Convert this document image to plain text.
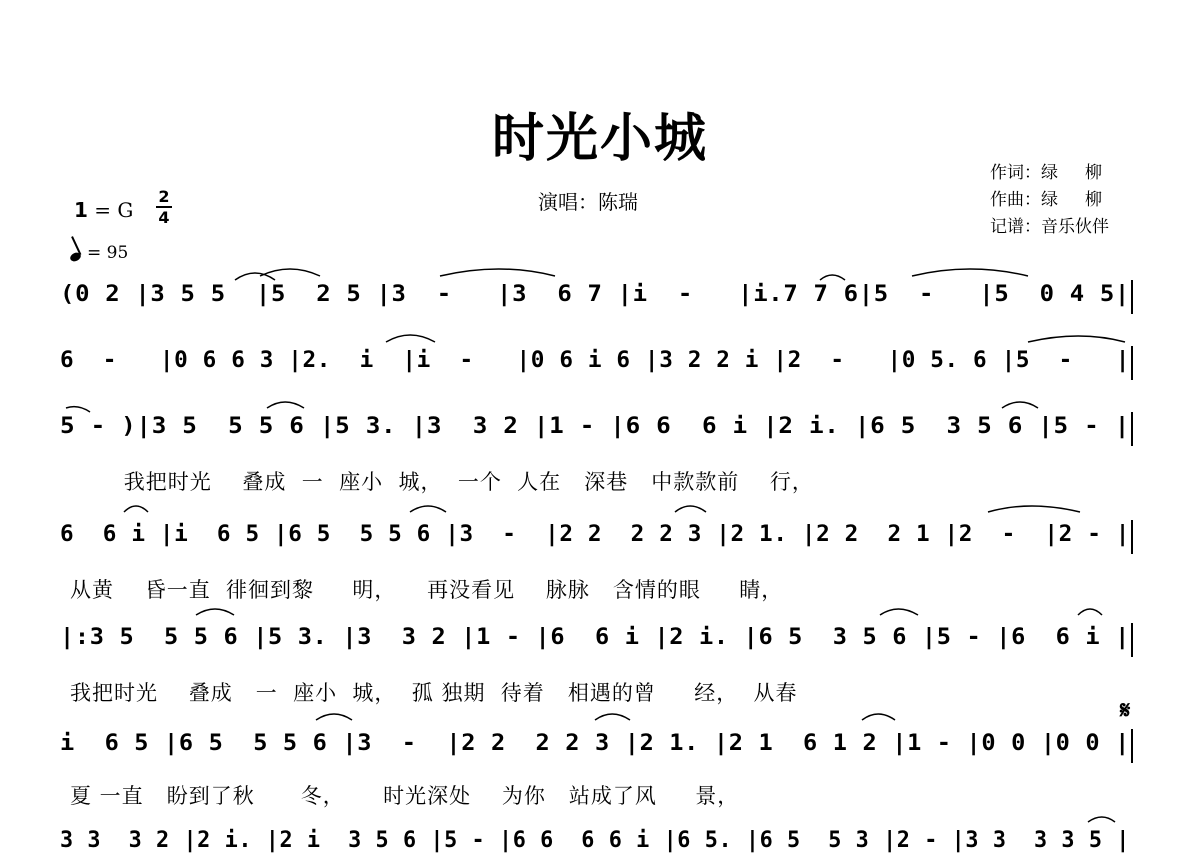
时光小城
演唱：陈瑞
作词：绿     柳
作曲：绿     柳
记谱：音乐伙伴
1 = G
2
4
= 95
(0 2 |3 5 5  |5  2 5 |3  -   |3  6 7 |i  -   |i.7 7 6|5  -   |5  0 4 5|
6  -   |0 6 6 3 |2.  i  |i  -   |0 6 i 6 |3 2 2 i |2  -   |0 5. 6 |5  -   |
5 - )|3 5  5 5 6 |5 3. |3  3 2 |1 - |6 6  6 i |2 i. |6 5  3 5 6 |5 - |
我把时光    叠成  一  座小  城，  一个  人在   深巷   中款款前    行，
6  6 i |i  6 5 |6 5  5 5 6 |3  -  |2 2  2 2 3 |2 1. |2 2  2 1 |2  -  |2 - |
从黄    昏一直  徘徊到黎     明，    再没看见    脉脉   含情的眼     睛，
|:3 5  5 5 6 |5 3. |3  3 2 |1 - |6  6 i |2 i. |6 5  3 5 6 |5 - |6  6 i |
我把时光    叠成   一  座小  城，  孤 独期  待着   相遇的曾     经，  从春
i  6 5 |6 5  5 5 6 |3  -  |2 2  2 2 3 |2 1. |2 1  6 1 2 |1 - |0 0 |0 0 |
夏 一直   盼到了秋      冬，     时光深处    为你   站成了风     景，
3 3  3 2 |2 i. |2 i  3 5 6 |5 - |6 6  6 6 i |6 5. |6 5  5 3 |2 - |3 3  3 3 5 |
𝄋
